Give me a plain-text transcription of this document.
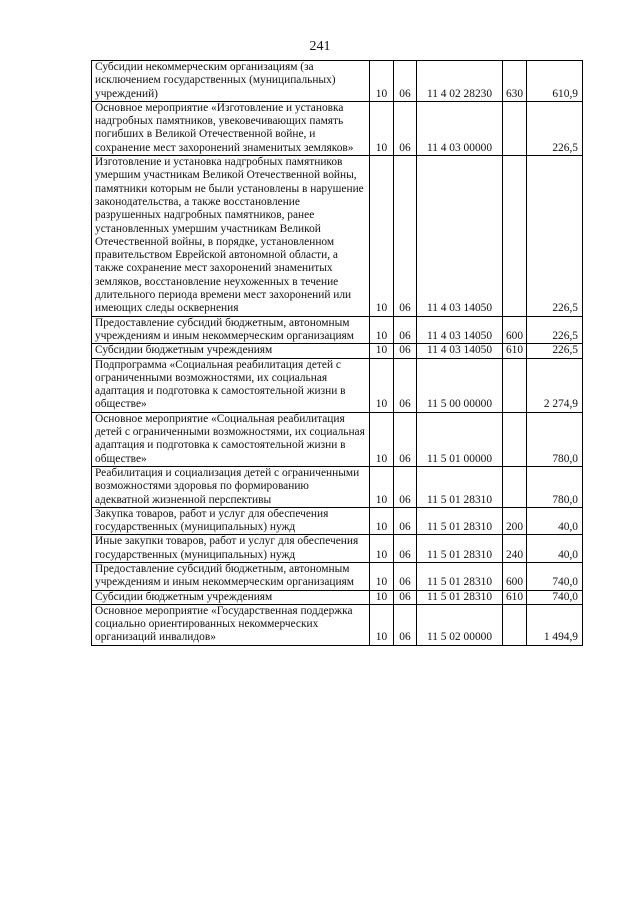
241
Субсидии некоммерческим организациям (за исключением государственных (муниципальных) учреждений)	10	06	11 4 02 28230	630	610,9
Основное мероприятие «Изготовление и установка надгробных памятников, увековечивающих память погибших в Великой Отечественной войне, и сохранение мест захоронений знаменитых земляков»	10	06	11 4 03 00000		226,5
Изготовление и установка надгробных памятников умершим участникам Великой Отечественной войны, памятники которым не были установлены в нарушение законодательства, а также восстановление разрушенных надгробных памятников, ранее установленных умершим участникам Великой Отечественной войны, в порядке, установленном правительством Еврейской автономной области, а также сохранение мест захоронений знаменитых земляков, восстановление неухоженных в течение длительного периода времени мест захоронений или имеющих следы осквернения	10	06	11 4 03 14050		226,5
Предоставление субсидий бюджетным, автономным учреждениям и иным некоммерческим организациям	10	06	11 4 03 14050	600	226,5
Субсидии бюджетным учреждениям	10	06	11 4 03 14050	610	226,5
Подпрограмма «Социальная реабилитация детей с ограниченными возможностями, их социальная адаптация и подготовка к самостоятельной жизни в обществе»	10	06	11 5 00 00000		2 274,9
Основное мероприятие «Социальная реабилитация детей с ограниченными возможностями, их социальная адаптация и подготовка к самостоятельной жизни в обществе»	10	06	11 5 01 00000		780,0
Реабилитация и социализация детей с ограниченными возможностями здоровья по формированию адекватной жизненной перспективы	10	06	11 5 01 28310		780,0
Закупка товаров, работ и услуг для обеспечения государственных (муниципальных) нужд	10	06	11 5 01 28310	200	40,0
Иные закупки товаров, работ и услуг для обеспечения государственных (муниципальных) нужд	10	06	11 5 01 28310	240	40,0
Предоставление субсидий бюджетным, автономным учреждениям и иным некоммерческим организациям	10	06	11 5 01 28310	600	740,0
Субсидии бюджетным учреждениям	10	06	11 5 01 28310	610	740,0
Основное мероприятие «Государственная поддержка социально ориентированных некоммерческих организаций инвалидов»	10	06	11 5 02 00000		1 494,9
